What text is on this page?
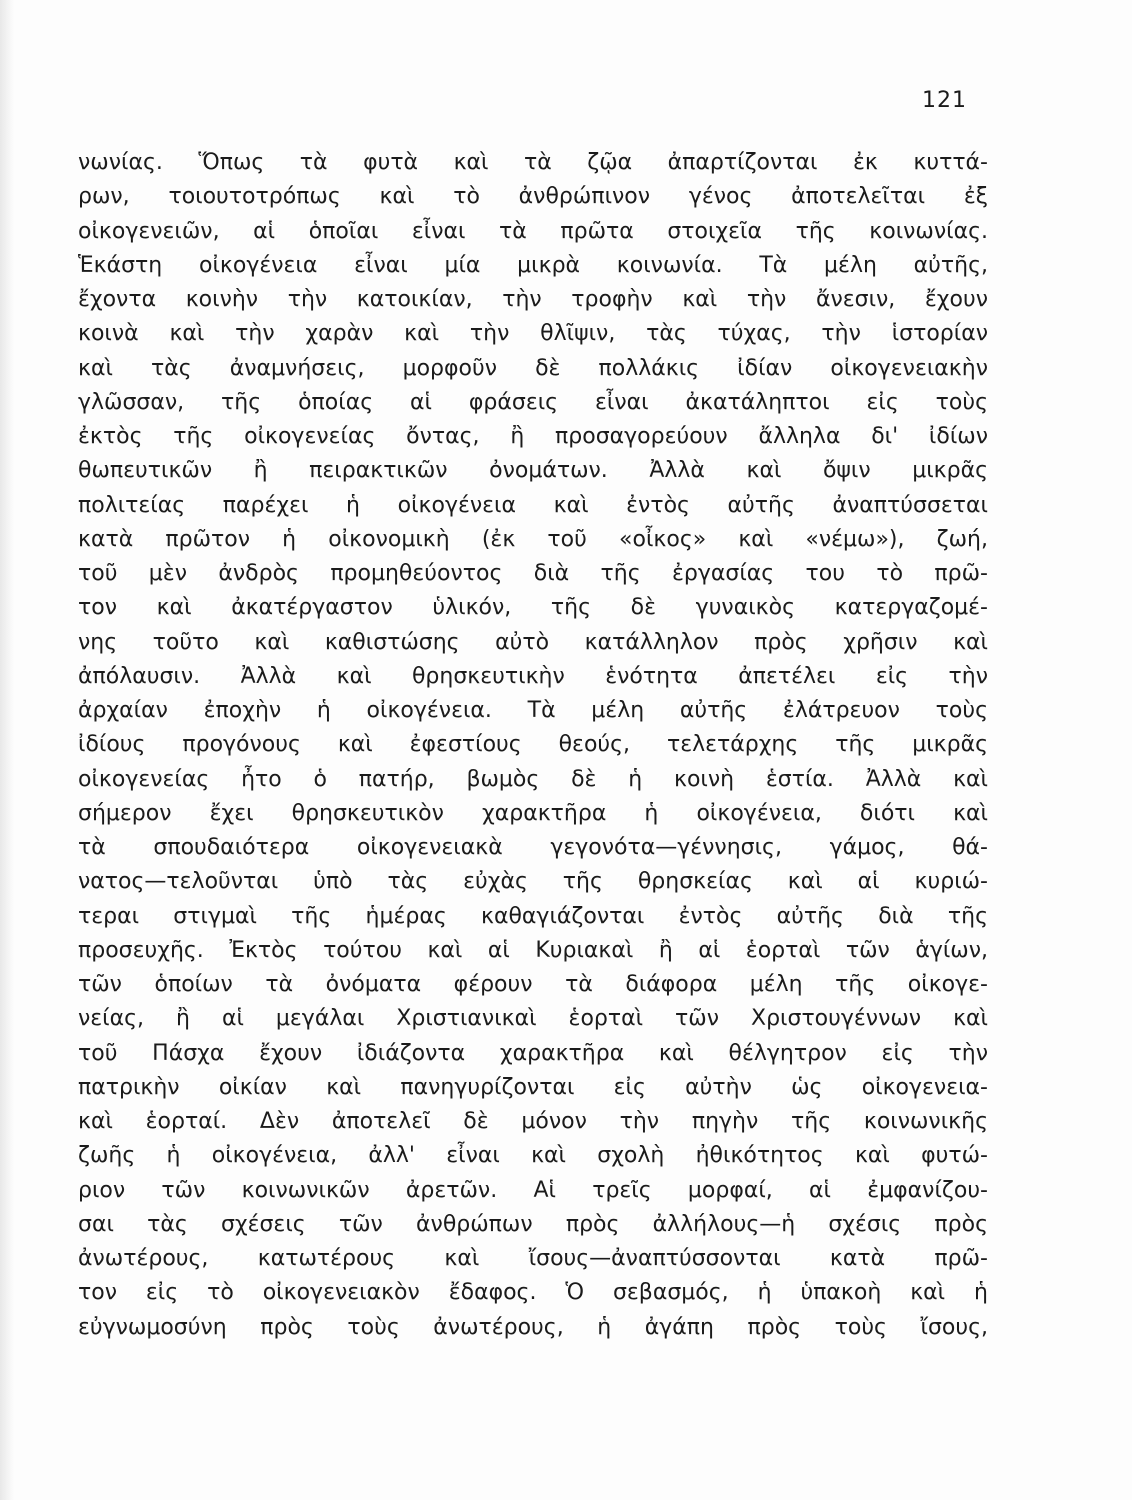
121
νωνίας. Ὅπως τὰ φυτὰ καὶ τὰ ζῷα ἀπαρτίζονται ἐκ κυττά-
ρων, τοιουτοτρόπως καὶ τὸ ἀνθρώπινον γένος ἀποτελεῖται ἐξ
οἰκογενειῶν, αἱ ὁποῖαι εἶναι τὰ πρῶτα στοιχεῖα τῆς κοινωνίας.
Ἑκάστη οἰκογένεια εἶναι μία μικρὰ κοινωνία. Τὰ μέλη αὐτῆς,
ἔχοντα κοινὴν τὴν κατοικίαν, τὴν τροφὴν καὶ τὴν ἄνεσιν, ἔχουν
κοινὰ καὶ τὴν χαρὰν καὶ τὴν θλῖψιν, τὰς τύχας, τὴν ἱστορίαν
καὶ τὰς ἀναμνήσεις, μορφοῦν δὲ πολλάκις ἰδίαν οἰκογενειακὴν
γλῶσσαν, τῆς ὁποίας αἱ φράσεις εἶναι ἀκατάληπτοι εἰς τοὺς
ἐκτὸς τῆς οἰκογενείας ὄντας, ἢ προσαγορεύουν ἄλληλα δι' ἰδίων
θωπευτικῶν ἢ πειρακτικῶν ὀνομάτων. Ἀλλὰ καὶ ὄψιν μικρᾶς
πολιτείας παρέχει ἡ οἰκογένεια καὶ ἐντὸς αὐτῆς ἀναπτύσσεται
κατὰ πρῶτον ἡ οἰκονομικὴ (ἐκ τοῦ «οἶκος» καὶ «νέμω»), ζωή,
τοῦ μὲν ἀνδρὸς προμηθεύοντος διὰ τῆς ἐργασίας του τὸ πρῶ-
τον καὶ ἀκατέργαστον ὑλικόν, τῆς δὲ γυναικὸς κατεργαζομέ-
νης τοῦτο καὶ καθιστώσης αὐτὸ κατάλληλον πρὸς χρῆσιν καὶ
ἀπόλαυσιν. Ἀλλὰ καὶ θρησκευτικὴν ἑνότητα ἀπετέλει εἰς τὴν
ἀρχαίαν ἐποχὴν ἡ οἰκογένεια. Τὰ μέλη αὐτῆς ἐλάτρευον τοὺς
ἰδίους προγόνους καὶ ἐφεστίους θεούς, τελετάρχης τῆς μικρᾶς
οἰκογενείας ἦτο ὁ πατήρ, βωμὸς δὲ ἡ κοινὴ ἑστία. Ἀλλὰ καὶ
σήμερον ἔχει θρησκευτικὸν χαρακτῆρα ἡ οἰκογένεια, διότι καὶ
τὰ σπουδαιότερα οἰκογενειακὰ γεγονότα—γέννησις, γάμος, θά-
νατος—τελοῦνται ὑπὸ τὰς εὐχὰς τῆς θρησκείας καὶ αἱ κυριώ-
τεραι στιγμαὶ τῆς ἡμέρας καθαγιάζονται ἐντὸς αὐτῆς διὰ τῆς
προσευχῆς. Ἐκτὸς τούτου καὶ αἱ Κυριακαὶ ἢ αἱ ἑορταὶ τῶν ἁγίων,
τῶν ὁποίων τὰ ὀνόματα φέρουν τὰ διάφορα μέλη τῆς οἰκογε-
νείας, ἢ αἱ μεγάλαι Χριστιανικαὶ ἑορταὶ τῶν Χριστουγέννων καὶ
τοῦ Πάσχα ἔχουν ἰδιάζοντα χαρακτῆρα καὶ θέλγητρον εἰς τὴν
πατρικὴν οἰκίαν καὶ πανηγυρίζονται εἰς αὐτὴν ὡς οἰκογενεια-
καὶ ἑορταί. Δὲν ἀποτελεῖ δὲ μόνον τὴν πηγὴν τῆς κοινωνικῆς
ζωῆς ἡ οἰκογένεια, ἀλλ' εἶναι καὶ σχολὴ ἠθικότητος καὶ φυτώ-
ριον τῶν κοινωνικῶν ἀρετῶν. Αἱ τρεῖς μορφαί, αἱ ἐμφανίζου-
σαι τὰς σχέσεις τῶν ἀνθρώπων πρὸς ἀλλήλους—ἡ σχέσις πρὸς
ἀνωτέρους, κατωτέρους καὶ ἴσους—ἀναπτύσσονται κατὰ πρῶ-
τον εἰς τὸ οἰκογενειακὸν ἔδαφος. Ὁ σεβασμός, ἡ ὑπακοὴ καὶ ἡ
εὐγνωμοσύνη πρὸς τοὺς ἀνωτέρους, ἡ ἀγάπη πρὸς τοὺς ἴσους,
